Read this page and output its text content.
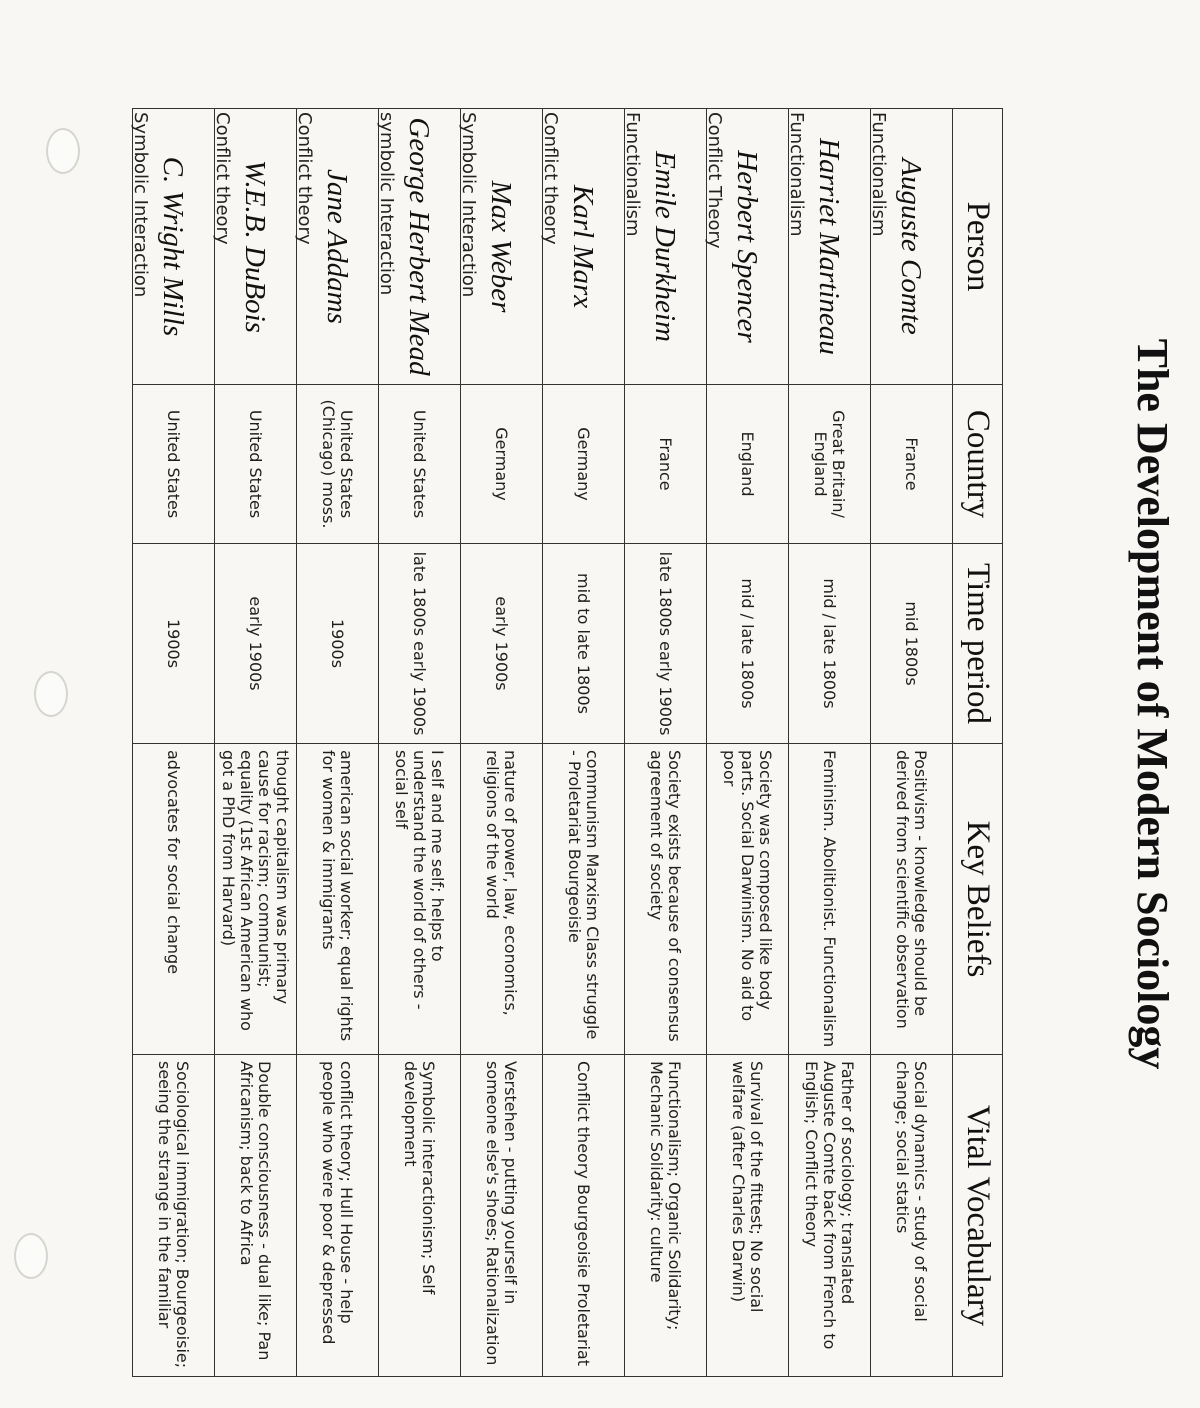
The Development of Modern Sociology
Person	Country	Time period	Key Beliefs	Vital Vocabulary

Auguste Comte
Functionalism	France	mid 1800s	Positivism - knowledge should be derived from scientific observation	Social dynamics - study of social change; social statics

Harriet Martineau
Functionalism	Great Britain/ England	mid / late 1800s	Feminism. Abolitionist. Functionalism	Father of sociology; translated Auguste Comte back from French to English; Conflict theory

Herbert Spencer
Conflict Theory	England	mid / late 1800s	Society was composed like body parts. Social Darwinism. No aid to poor	Survival of the fittest; No social welfare (after Charles Darwin)

Emile Durkheim
Functionalism	France	late 1800s early 1900s	Society exists because of consensus agreement of society	Functionalism; Organic Solidarity; Mechanic Solidarity: culture

Karl Marx
Conflict theory	Germany	mid to late 1800s	communism Marxism Class struggle - Proletariat Bourgeoisie	Conflict theory Bourgeoisie Proletariat

Max Weber
Symbolic Interaction	Germany	early 1900s	nature of power, law, economics, religions of the world	Verstehen - putting yourself in someone else's shoes; Rationalization

George Herbert Mead
symbolic Interaction	United States	late 1800s early 1900s	I self and me self; helps to understand the world of others - social self	Symbolic interactionism; Self development

Jane Addams
Conflict theory	United States (Chicago) moss.	1900s	american social worker; equal rights for women & immigrants	conflict theory; Hull House - help people who were poor & depressed

W.E.B. DuBois
Conflict theory	United States	early 1900s	thought capitalism was primary cause for racism; communist; equality (1st African American who got a PhD from Harvard)	Double consciousness - dual like; Pan Africanism; back to Africa

C. Wright Mills
Symbolic Interaction	United States	1900s	advocates for social change	Sociological immigration; Bourgeoisie; seeing the strange in the familiar
